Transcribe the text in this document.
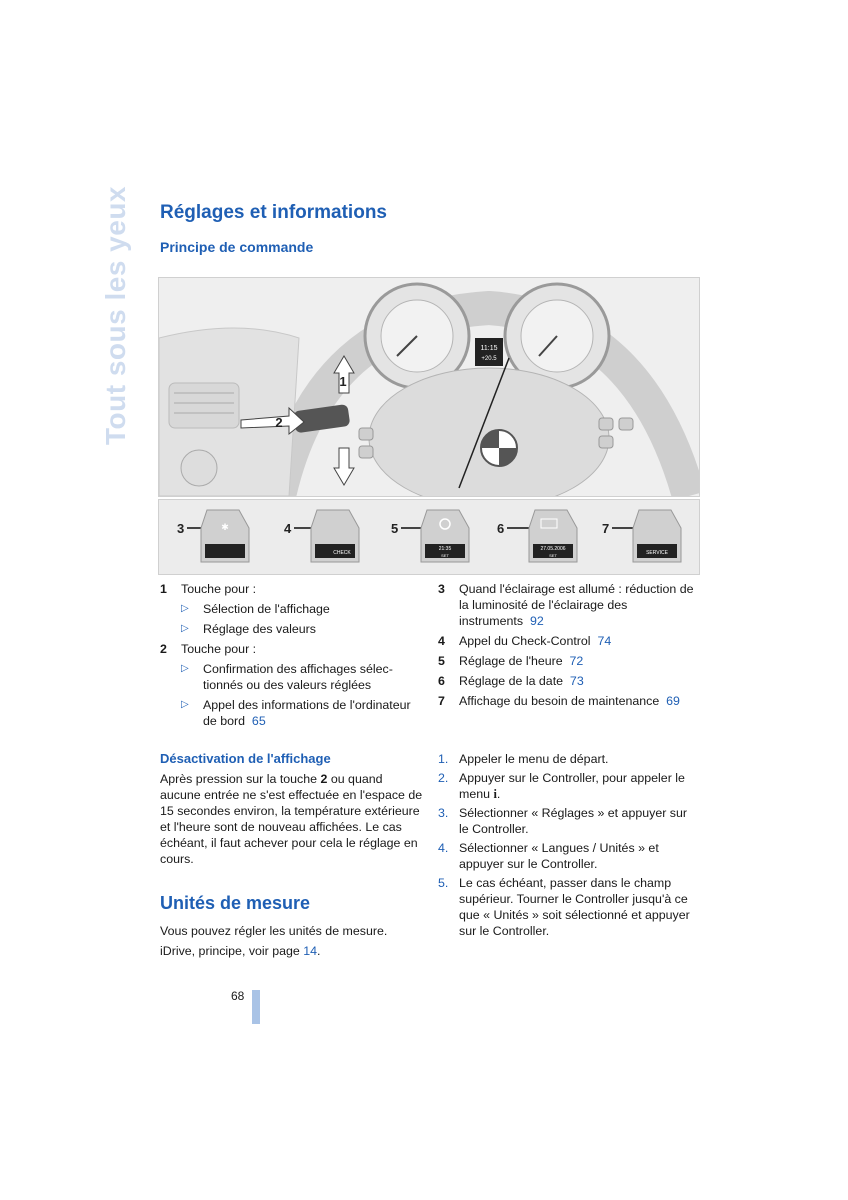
Tout sous les yeux Réglages et informations
Principe de commande
11:15
+20.5
1
2
3	✱	4
CHECK
5
21:35
SET
6
27.05.2006
SET
7
SERVICE
1 Touche pour :
▷ Sélection de l'affichage
▷ Réglage des valeurs
2 Touche pour :
▷ Confirmation des affichages sélectionnés ou des valeurs réglées
▷ Appel des informations de l'ordinateur de bord 65
3 Quand l'éclairage est allumé : réduction de la luminosité de l'éclairage des instruments 92
4 Appel du Check-Control 74
5 Réglage de l'heure 72
6 Réglage de la date 73
7 Affichage du besoin de maintenance 69
Désactivation de l'affichage

Après pression sur la touche 2 ou quand aucune entrée ne s'est effectuée en l'espace de 15 secondes environ, la température extérieure et l'heure sont de nouveau affichées. Le cas échéant, il faut achever pour cela le réglage en cours.

Unités de mesure

Vous pouvez régler les unités de mesure.

iDrive, principe, voir page 14.

1. Appeler le menu de départ.
2. Appuyer sur le Controller, pour appeler le menu i.
3. Sélectionner « Réglages » et appuyer sur le Controller.
4. Sélectionner « Langues / Unités » et appuyer sur le Controller.
5. Le cas échéant, passer dans le champ supérieur. Tourner le Controller jusqu'à ce que « Unités » soit sélectionné et appuyer sur le Controller.
68
